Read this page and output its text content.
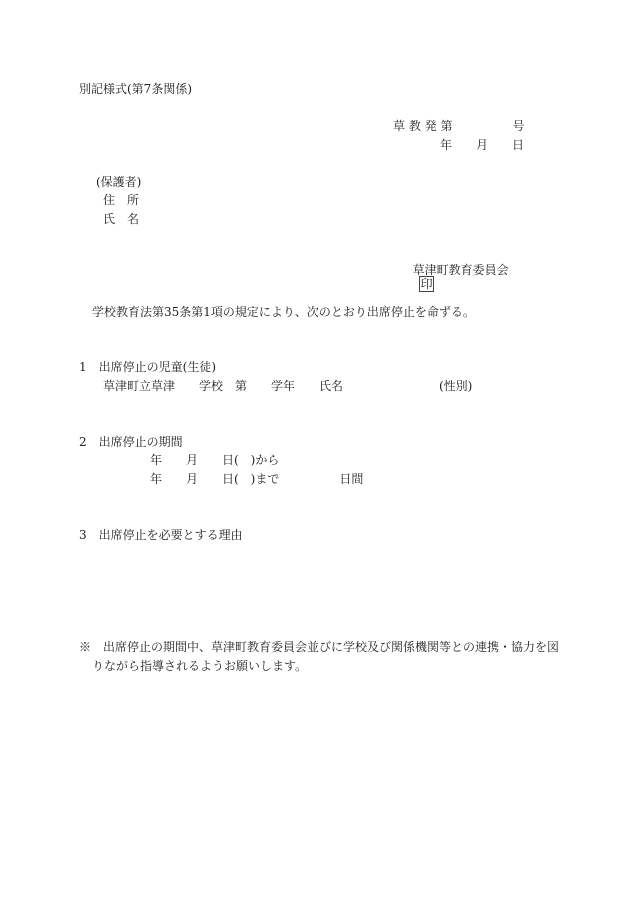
別記様式(第7条関係)
草 教 発 第　　　　　号
年　　月　　日
(保護者)
住　所
氏　名

草津町教育委員会
印

学校教育法第35条第1項の規定により、次のとおり出席停止を命ずる。
1　出席停止の児童(生徒)
草津町立草津　　学校　第　　学年　　氏名　　　　　　　　(性別)
2　出席停止の期間
年　　月　　日(　)から
年　　月　　日(　)まで　　　　　日間
3　出席停止を必要とする理由
※　出席停止の期間中、草津町教育委員会並びに学校及び関係機関等との連携・協力を図
りながら指導されるようお願いします。
